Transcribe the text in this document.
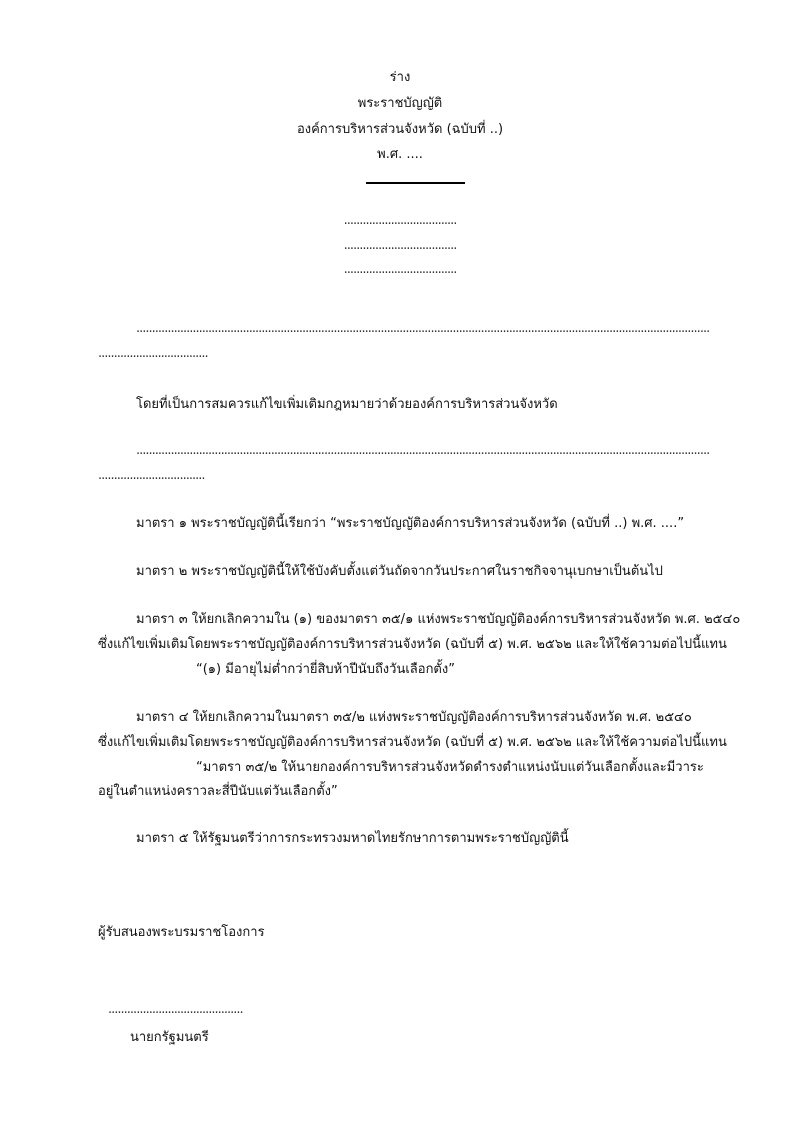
ร่าง
พระราชบัญญัติ
องค์การบริหารส่วนจังหวัด (ฉบับที่ ..)
พ.ศ. ....
....................................
....................................
....................................
.......................................................................................................................................................................................
...................................
โดยที่เป็นการสมควรแก้ไขเพิ่มเติมกฎหมายว่าด้วยองค์การบริหารส่วนจังหวัด
.......................................................................................................................................................................................
..................................
มาตรา ๑ พระราชบัญญัตินี้เรียกว่า “พระราชบัญญัติองค์การบริหารส่วนจังหวัด (ฉบับที่ ..) พ.ศ. ....”
มาตรา ๒ พระราชบัญญัตินี้ให้ใช้บังคับตั้งแต่วันถัดจากวันประกาศในราชกิจจานุเบกษาเป็นต้นไป
มาตรา ๓ ให้ยกเลิกความใน (๑) ของมาตรา ๓๕/๑ แห่งพระราชบัญญัติองค์การบริหารส่วนจังหวัด พ.ศ. ๒๕๔๐
ซึ่งแก้ไขเพิ่มเติมโดยพระราชบัญญัติองค์การบริหารส่วนจังหวัด (ฉบับที่ ๕) พ.ศ. ๒๕๖๒ และให้ใช้ความต่อไปนี้แทน
“(๑) มีอายุไม่ต่ำกว่ายี่สิบห้าปีนับถึงวันเลือกตั้ง”
มาตรา ๔ ให้ยกเลิกความในมาตรา ๓๕/๒ แห่งพระราชบัญญัติองค์การบริหารส่วนจังหวัด พ.ศ. ๒๕๔๐
ซึ่งแก้ไขเพิ่มเติมโดยพระราชบัญญัติองค์การบริหารส่วนจังหวัด (ฉบับที่ ๕) พ.ศ. ๒๕๖๒ และให้ใช้ความต่อไปนี้แทน
“มาตรา ๓๕/๒ ให้นายกองค์การบริหารส่วนจังหวัดดำรงตำแหน่งนับแต่วันเลือกตั้งและมีวาระ
อยู่ในตำแหน่งคราวละสี่ปีนับแต่วันเลือกตั้ง”
มาตรา ๕ ให้รัฐมนตรีว่าการกระทรวงมหาดไทยรักษาการตามพระราชบัญญัตินี้
ผู้รับสนองพระบรมราชโองการ
...........................................
นายกรัฐมนตรี
